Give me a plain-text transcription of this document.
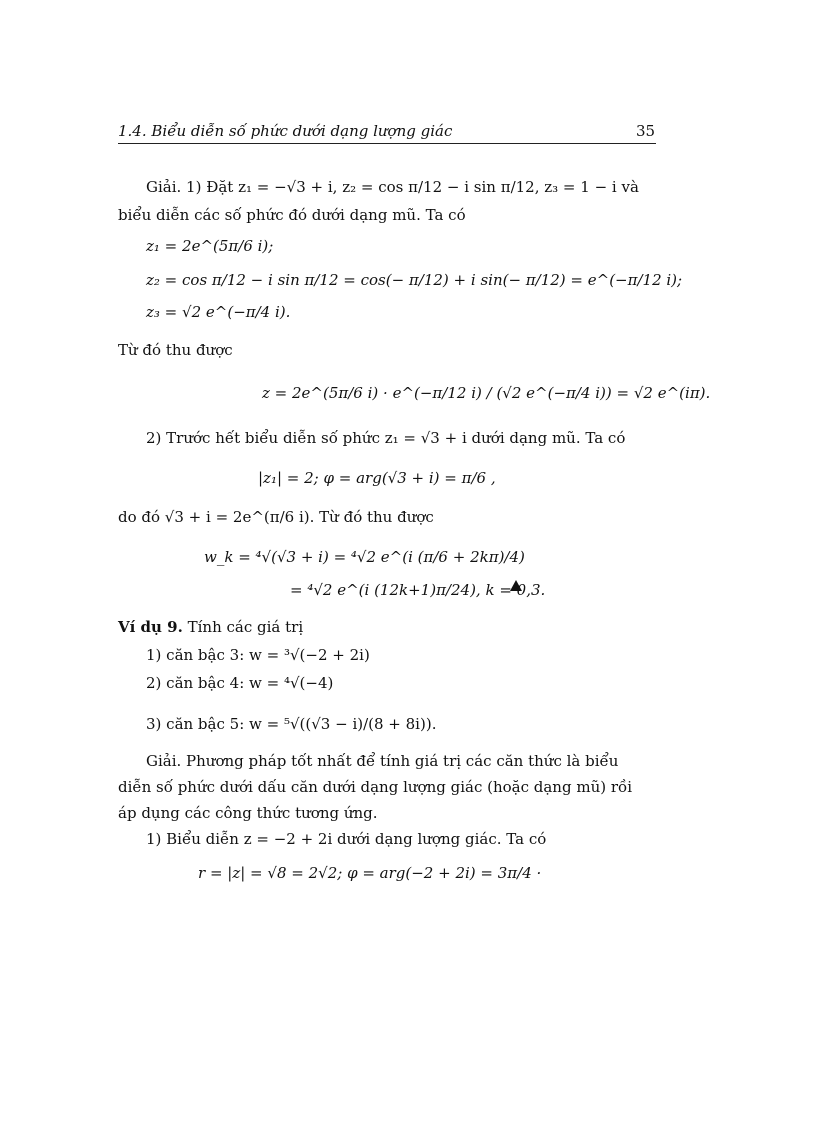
1.4. Biểu diễn số phức dưới dạng lượng giác	35
Giải. 1) Đặt z₁ = −√3 + i, z₂ = cos π/12 − i sin π/12, z₃ = 1 − i và
biểu diễn các số phức đó dưới dạng mũ. Ta có
z₁ = 2e^(5π/6 i);
z₂ = cos π/12 − i sin π/12 = cos(− π/12) + i sin(− π/12) = e^(−π/12 i);
z₃ = √2 e^(−π/4 i).
Từ đó thu được
z = 2e^(5π/6 i) · e^(−π/12 i) / (√2 e^(−π/4 i)) = √2 e^(iπ).
2) Trước hết biểu diễn số phức z₁ = √3 + i dưới dạng mũ. Ta có
|z₁| = 2; φ = arg(√3 + i) = π/6 ,
do đó √3 + i = 2e^(π/6 i). Từ đó thu được
w_k = ⁴√(√3 + i) = ⁴√2 e^(i (π/6 + 2kπ)/4)
= ⁴√2 e^(i (12k+1)π/24), k = 0,3.
Ví dụ 9. Tính các giá trị
1) căn bậc 3: w = ³√(−2 + 2i)
2) căn bậc 4: w = ⁴√(−4)
3) căn bậc 5: w = ⁵√((√3 − i)/(8 + 8i)).
Giải. Phương pháp tốt nhất để tính giá trị các căn thức là biểu
diễn số phức dưới dấu căn dưới dạng lượng giác (hoặc dạng mũ) rồi
áp dụng các công thức tương ứng.
1) Biểu diễn z = −2 + 2i dưới dạng lượng giác. Ta có
r = |z| = √8 = 2√2; φ = arg(−2 + 2i) = 3π/4 ·
